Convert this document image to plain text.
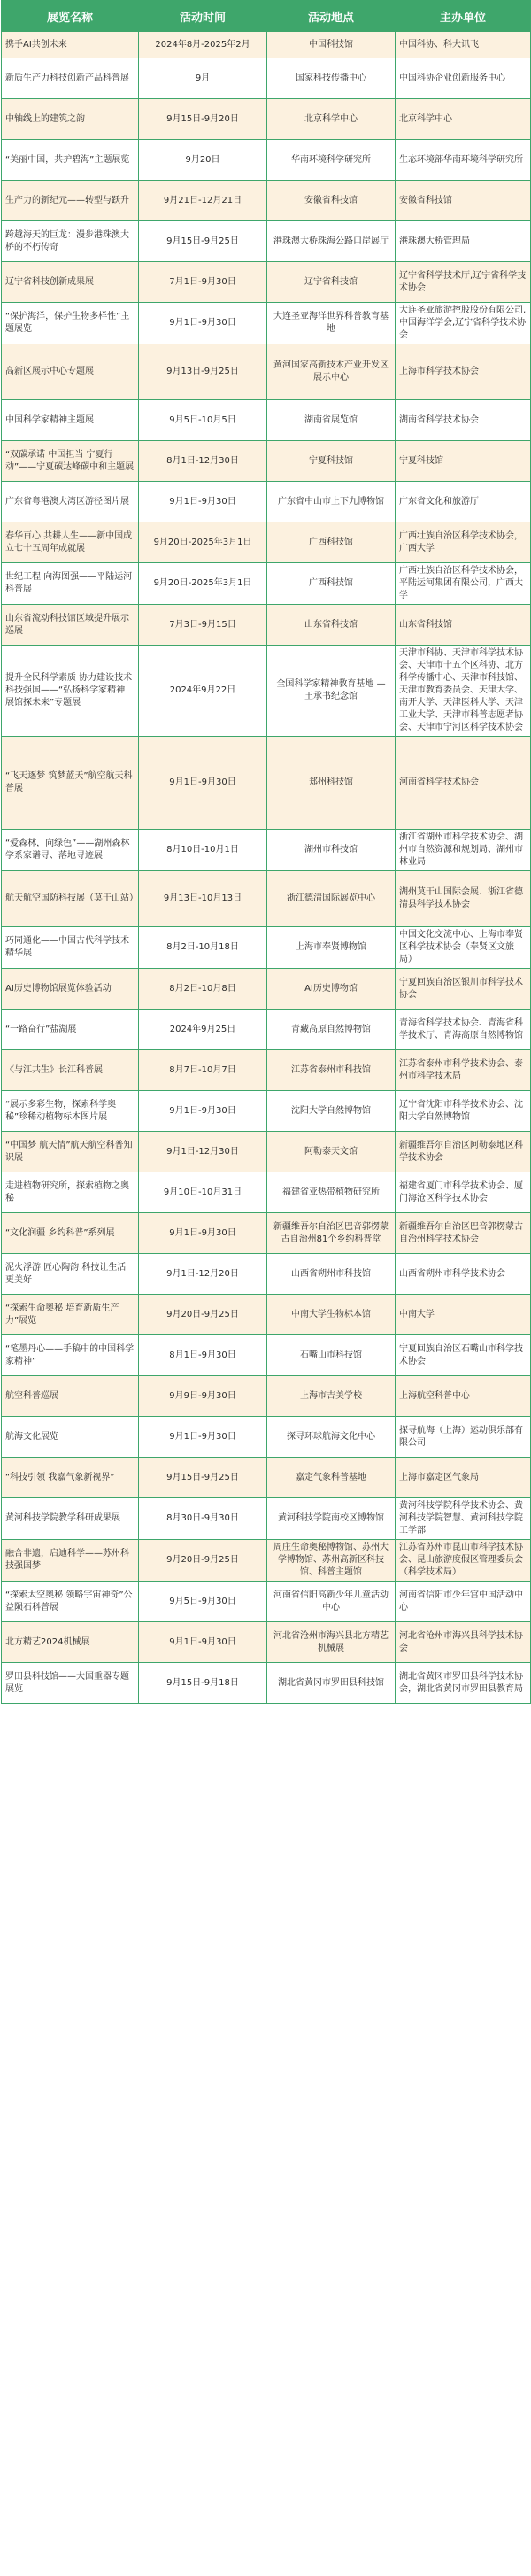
展览名称	活动时间	活动地点	主办单位
携手AI共创未来	2024年8月-2025年2月	中国科技馆	中国科协、科大讯飞
新质生产力科技创新产品科普展	9月	国家科技传播中心	中国科协企业创新服务中心
中轴线上的建筑之韵	9月15日-9月20日	北京科学中心	北京科学中心
“美丽中国，共护碧海”主题展览	9月20日	华南环境科学研究所	生态环境部华南环境科学研究所
生产力的新纪元——转型与跃升	9月21日-12月21日	安徽省科技馆	安徽省科技馆
跨越海天的巨龙：漫步港珠澳大桥的不朽传奇	9月15日-9月25日	港珠澳大桥珠海公路口岸展厅	港珠澳大桥管理局
辽宁省科技创新成果展	7月1日-9月30日	辽宁省科技馆	辽宁省科学技术厅,辽宁省科学技术协会
“保护海洋，保护生物多样性”主题展览	9月1日-9月30日	大连圣亚海洋世界科普教育基地	大连圣亚旅游控股股份有限公司,中国海洋学会,辽宁省科学技术协会
高新区展示中心专题展	9月13日-9月25日	黄河国家高新技术产业开发区展示中心	上海市科学技术协会
中国科学家精神主题展	9月5日-10月5日	湖南省展览馆	湖南省科学技术协会
“双碳承诺 中国担当 宁夏行动”——宁夏碳达峰碳中和主题展	8月1日-12月30日	宁夏科技馆	宁夏科技馆
广东省粤港澳大湾区游径图片展	9月1日-9月30日	广东省中山市上下九博物馆	广东省文化和旅游厅
春华百心 共耕人生——新中国成立七十五周年成就展	9月20日-2025年3月1日	广西科技馆	广西壮族自治区科学技术协会，广西大学
世纪工程 向海图强——平陆运河科普展	9月20日-2025年3月1日	广西科技馆	广西壮族自治区科学技术协会，平陆运河集团有限公司，广西大学
山东省流动科技馆区域提升展示巡展	7月3日-9月15日	山东省科技馆	山东省科技馆
提升全民科学素质 协力建设技术科技强国——“弘扬科学家精神 展馆探未来”专题展	2024年9月22日	全国科学家精神教育基地 — 王承书纪念馆	天津市科协、天津市科学技术协会、天津市十五个区科协、北方科学传播中心、天津市科技馆、天津市教育委员会、天津大学、南开大学、天津医科大学、天津工业大学、天津市科普志愿者协会、天津市宁河区科学技术协会
“飞天逐梦 筑梦蓝天”航空航天科普展	9月1日-9月30日	郑州科技馆	河南省科学技术协会
“爱森林，向绿色”——湖州森林学系家谱寻、落地寻迹展	8月10日-10月1日	湖州市科技馆	浙江省湖州市科学技术协会、湖州市自然资源和规划局、湖州市林业局
航天航空国防科技展（莫干山站）	9月13日-10月13日	浙江德清国际展览中心	湖州莫干山国际会展、浙江省德清县科学技术协会
巧同通化——中国古代科学技术精华展	8月2日-10月18日	上海市奉贤博物馆	中国文化交流中心、上海市奉贤区科学技术协会（奉贤区文旅局）
AI历史博物馆展览体验活动	8月2日-10月8日	AI历史博物馆	宁夏回族自治区银川市科学技术协会
“一路奋行”盐湖展	2024年9月25日	青藏高原自然博物馆	青海省科学技术协会、青海省科学技术厅、青海高原自然博物馆
《与江共生》长江科普展	8月7日-10月7日	江苏省泰州市科技馆	江苏省泰州市科学技术协会、泰州市科学技术局
“展示多彩生物，探索科学奥秘”珍稀动植物标本图片展	9月1日-9月30日	沈阳大学自然博物馆	辽宁省沈阳市科学技术协会、沈阳大学自然博物馆
“中国梦 航天情”航天航空科普知识展	9月1日-12月30日	阿勒泰天文馆	新疆维吾尔自治区阿勒泰地区科学技术协会
走进植物研究所，探索植物之奥秘	9月10日-10月31日	福建省亚热带植物研究所	福建省厦门市科学技术协会、厦门海沧区科学技术协会
“文化润疆 乡约科普”系列展	9月1日-9月30日	新疆维吾尔自治区巴音郭楞蒙古自治州81个乡约科普堂	新疆维吾尔自治区巴音郭楞蒙古自治州科学技术协会
泥火浮游 匠心陶韵 科技让生活更美好	9月1日-12月20日	山西省朔州市科技馆	山西省朔州市科学技术协会
“探索生命奥秘 培育新质生产力”展览	9月20日-9月25日	中南大学生物标本馆	中南大学
“笔墨丹心——手稿中的中国科学家精神”	8月1日-9月30日	石嘴山市科技馆	宁夏回族自治区石嘴山市科学技术协会
航空科普巡展	9月9日-9月30日	上海市吉美学校	上海航空科普中心
航海文化展览	9月1日-9月30日	探寻环球航海文化中心	探寻航海（上海）运动俱乐部有限公司
“科技引领 我嘉气象新视界”	9月15日-9月25日	嘉定气象科普基地	上海市嘉定区气象局
黄河科技学院教学科研成果展	8月30日-9月30日	黄河科技学院南校区博物馆	黄河科技学院科学技术协会、黄河科技学院智慧、黄河科技学院工学部
融合非遗，启迪科学——苏州科技强国梦	9月20日-9月25日	周庄生命奥秘博物馆、苏州大学博物馆、苏州高新区科技馆、科普主题馆	江苏省苏州市昆山市科学技术协会、昆山旅游度假区管理委员会（科学技术局）
“探索太空奥秘 领略宇宙神奇”公益陨石科普展	9月5日-9月30日	河南省信阳高新少年儿童活动中心	河南省信阳市少年宫中国活动中心
北方精艺2024机械展	9月1日-9月30日	河北省沧州市海兴县北方精艺机械展	河北省沧州市海兴县科学技术协会
罗田县科技馆——大国重器专题展览	9月15日-9月18日	湖北省黄冈市罗田县科技馆	湖北省黄冈市罗田县科学技术协会，湖北省黄冈市罗田县教育局
